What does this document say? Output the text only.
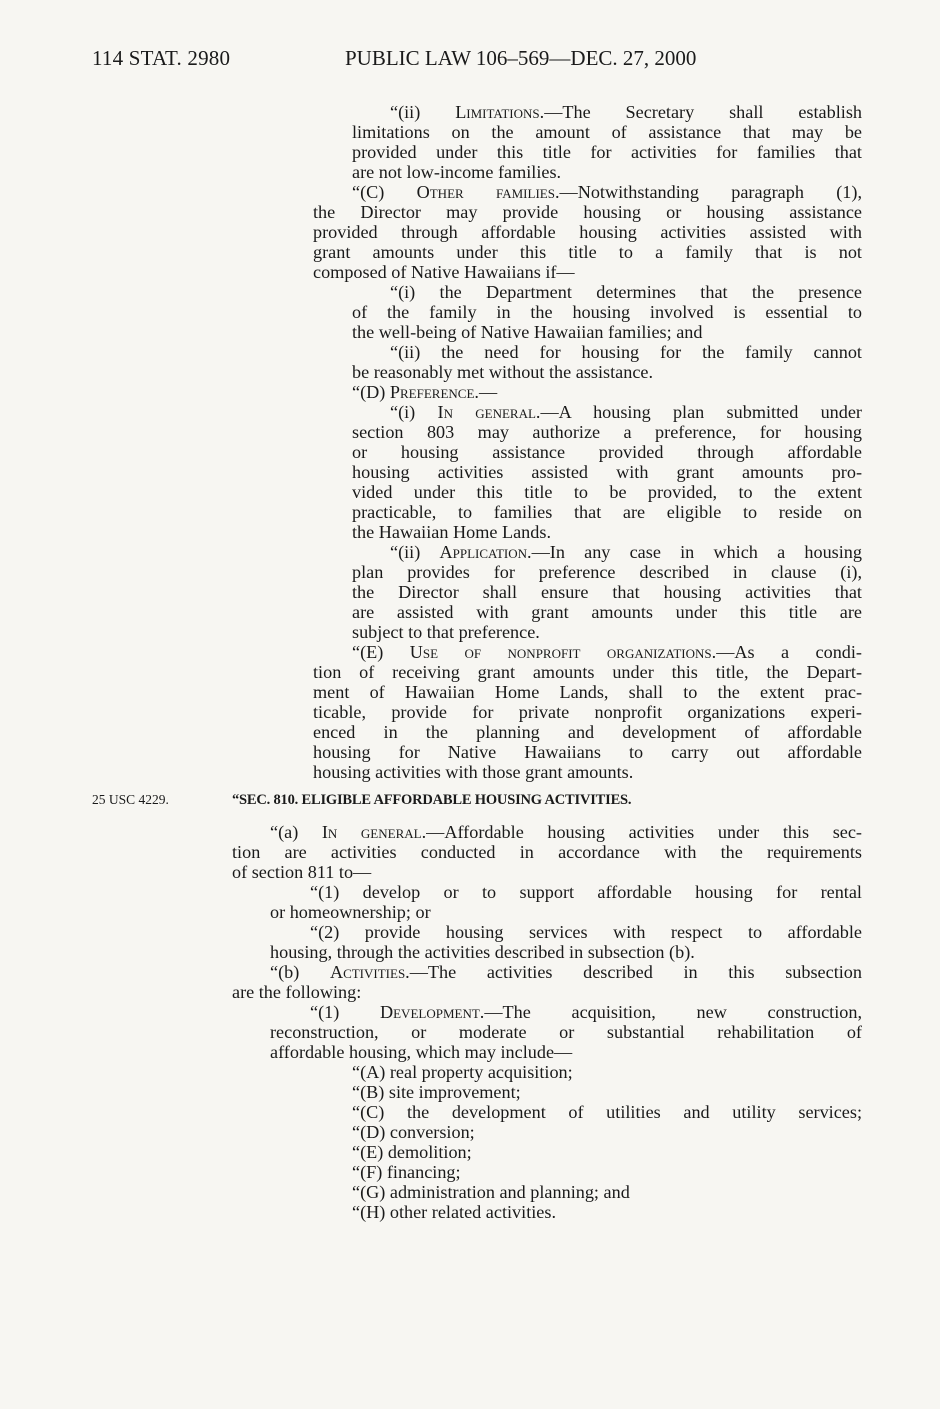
114 STAT. 2980	PUBLIC LAW 106–569—DEC. 27, 2000
25 USC 4229.	“SEC. 810. ELIGIBLE AFFORDABLE HOUSING ACTIVITIES.
“(ii) Limitations.—The Secretary shall establish
limitations on the amount of assistance that may be
provided under this title for activities for families that
are not low-income families.
“(C) Other families.—Notwithstanding paragraph (1),
the Director may provide housing or housing assistance
provided through affordable housing activities assisted with
grant amounts under this title to a family that is not
composed of Native Hawaiians if—
“(i) the Department determines that the presence
of the family in the housing involved is essential to
the well-being of Native Hawaiian families; and
“(ii) the need for housing for the family cannot
be reasonably met without the assistance.
“(D) Preference.—
“(i) In general.—A housing plan submitted under
section 803 may authorize a preference, for housing
or housing assistance provided through affordable
housing activities assisted with grant amounts pro-
vided under this title to be provided, to the extent
practicable, to families that are eligible to reside on
the Hawaiian Home Lands.
“(ii) Application.—In any case in which a housing
plan provides for preference described in clause (i),
the Director shall ensure that housing activities that
are assisted with grant amounts under this title are
subject to that preference.
“(E) Use of nonprofit organizations.—As a condi-
tion of receiving grant amounts under this title, the Depart-
ment of Hawaiian Home Lands, shall to the extent prac-
ticable, provide for private nonprofit organizations experi-
enced in the planning and development of affordable
housing for Native Hawaiians to carry out affordable
housing activities with those grant amounts.
“(a) In general.—Affordable housing activities under this sec-
tion are activities conducted in accordance with the requirements
of section 811 to—
“(1) develop or to support affordable housing for rental
or homeownership; or
“(2) provide housing services with respect to affordable
housing, through the activities described in subsection (b).
“(b) Activities.—The activities described in this subsection
are the following:
“(1) Development.—The acquisition, new construction,
reconstruction, or moderate or substantial rehabilitation of
affordable housing, which may include—
“(A) real property acquisition;
“(B) site improvement;
“(C) the development of utilities and utility services;
“(D) conversion;
“(E) demolition;
“(F) financing;
“(G) administration and planning; and
“(H) other related activities.
